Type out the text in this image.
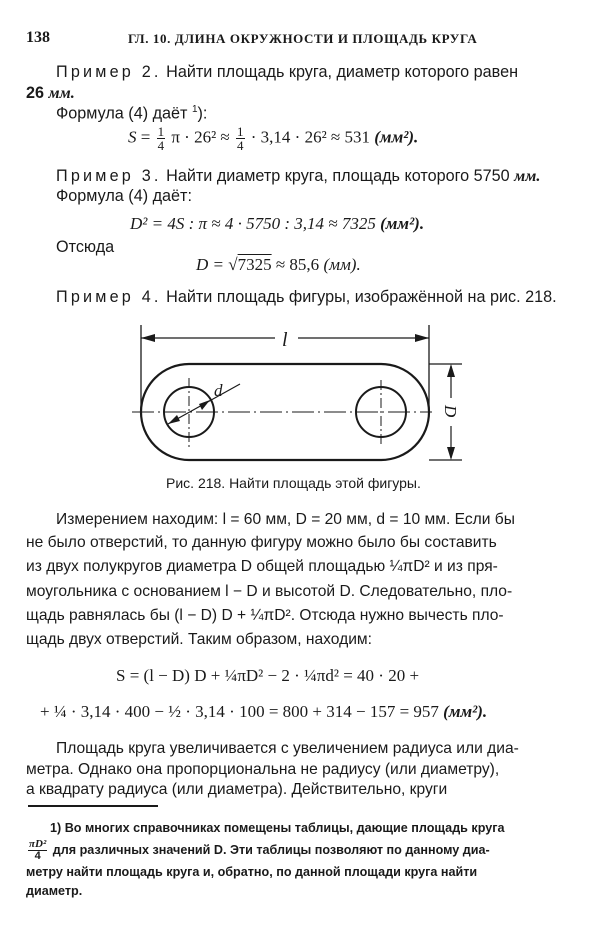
138	ГЛ. 10. ДЛИНА ОКРУЖНОСТИ И ПЛОЩАДЬ КРУГА
Пример 2. Найти площадь круга, диаметр которого равен
26 мм.
Формула (4) даёт $^1$):
$S = \frac{1}{4}$ $\pi \cdot 26^2 \approx \frac{1}{4} \cdot 3,14 \cdot 26^2 \approx 531$ (мм²).
Пример 3. Найти диаметр круга, площадь которого 5750 мм.
Формула (4) даёт:
D² = 4S : π ≈ 4 · 5750 : 3,14 ≈ 7325 (мм²).
Отсюда
D = √7325 ≈ 85,6 (мм).
Пример 4. Найти площадь фигуры, изображённой на рис. 218.
l
d
D
Рис. 218. Найти площадь этой фигуры.
Измерением находим: l = 60 мм, D = 20 мм, d = 10 мм. Если бы
не было отверстий, то данную фигуру можно было бы составить
из двух полукругов диаметра D общей площадью ¼πD² и из пря-
моугольника с основанием l − D и высотой D. Следовательно, пло-
щадь равнялась бы (l − D) D + ¼πD². Отсюда нужно вычесть пло-
щадь двух отверстий. Таким образом, находим:
S = (l − D) D + ¼πD² − 2 · ¼πd² = 40 · 20 +
+ ¼ · 3,14 · 400 − ½ · 3,14 · 100 = 800 + 314 − 157 = 957 (мм²).
Площадь круга увеличивается с увеличением радиуса или диа-
метра. Однако она пропорциональна не радиусу (или диаметру),
а квадрату радиуса (или диаметра). Действительно, круги
1) Во многих справочниках помещены таблицы, дающие площадь круга
$\frac{\text{πD²}}{4}$ для различных значений D. Эти таблицы позволяют по данному диа-
метру найти площадь круга и, обратно, по данной площади круга найти
диаметр.
